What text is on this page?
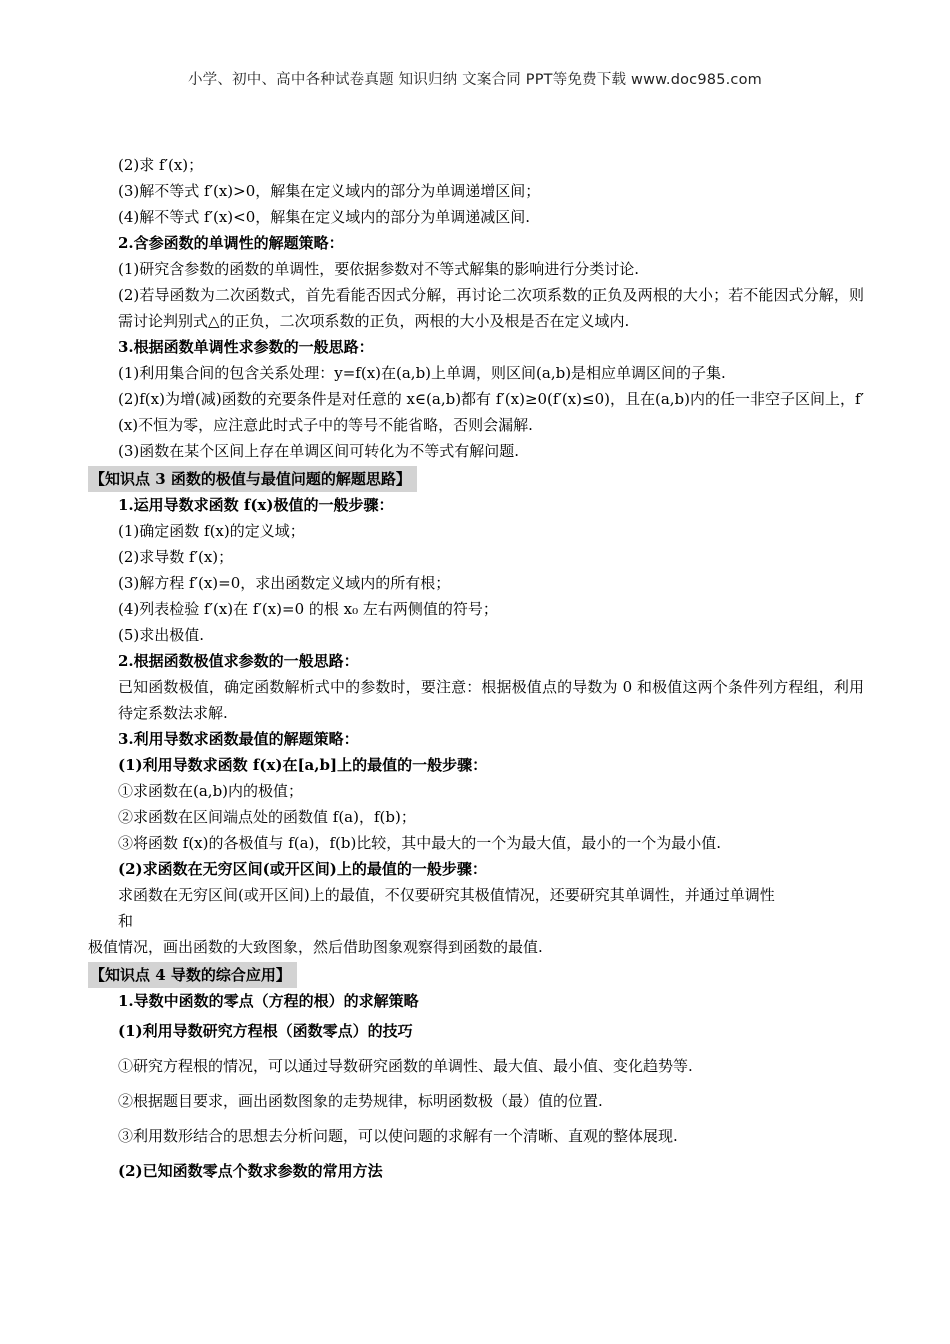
小学、初中、高中各种试卷真题 知识归纳 文案合同 PPT等免费下载 www.doc985.com

(2)求 f′(x)；

(3)解不等式 f′(x)>0，解集在定义域内的部分为单调递增区间；

(4)解不等式 f′(x)<0，解集在定义域内的部分为单调递减区间.

2.含参函数的单调性的解题策略：

(1)研究含参数的函数的单调性，要依据参数对不等式解集的影响进行分类讨论.

(2)若导函数为二次函数式，首先看能否因式分解，再讨论二次项系数的正负及两根的大小；若不能因式分解，则需讨论判别式△的正负，二次项系数的正负，两根的大小及根是否在定义域内.

3.根据函数单调性求参数的一般思路：

(1)利用集合间的包含关系处理：y=f(x)在(a,b)上单调，则区间(a,b)是相应单调区间的子集.

(2)f(x)为增(减)函数的充要条件是对任意的 x∈(a,b)都有 f′(x)≥0(f′(x)≤0)，且在(a,b)内的任一非空子区间上，f′(x)不恒为零，应注意此时式子中的等号不能省略，否则会漏解.

(3)函数在某个区间上存在单调区间可转化为不等式有解问题.

【知识点 3 函数的极值与最值问题的解题思路】

1.运用导数求函数 f(x)极值的一般步骤：

(1)确定函数 f(x)的定义域；

(2)求导数 f′(x)；

(3)解方程 f′(x)=0，求出函数定义域内的所有根；

(4)列表检验 f′(x)在 f′(x)=0 的根 x₀ 左右两侧值的符号；

(5)求出极值.

2.根据函数极值求参数的一般思路：

已知函数极值，确定函数解析式中的参数时，要注意：根据极值点的导数为 0 和极值这两个条件列方程组，利用待定系数法求解.

3.利用导数求函数最值的解题策略：

(1)利用导数求函数 f(x)在[a,b]上的最值的一般步骤：

①求函数在(a,b)内的极值；

②求函数在区间端点处的函数值 f(a)，f(b)；

③将函数 f(x)的各极值与 f(a)，f(b)比较，其中最大的一个为最大值，最小的一个为最小值.

(2)求函数在无穷区间(或开区间)上的最值的一般步骤：

求函数在无穷区间(或开区间)上的最值，不仅要研究其极值情况，还要研究其单调性，并通过单调性

和

极值情况，画出函数的大致图象，然后借助图象观察得到函数的最值.

【知识点 4 导数的综合应用】

1.导数中函数的零点（方程的根）的求解策略

(1)利用导数研究方程根（函数零点）的技巧

①研究方程根的情况，可以通过导数研究函数的单调性、最大值、最小值、变化趋势等.

②根据题目要求，画出函数图象的走势规律，标明函数极（最）值的位置.

③利用数形结合的思想去分析问题，可以使问题的求解有一个清晰、直观的整体展现.

(2)已知函数零点个数求参数的常用方法
